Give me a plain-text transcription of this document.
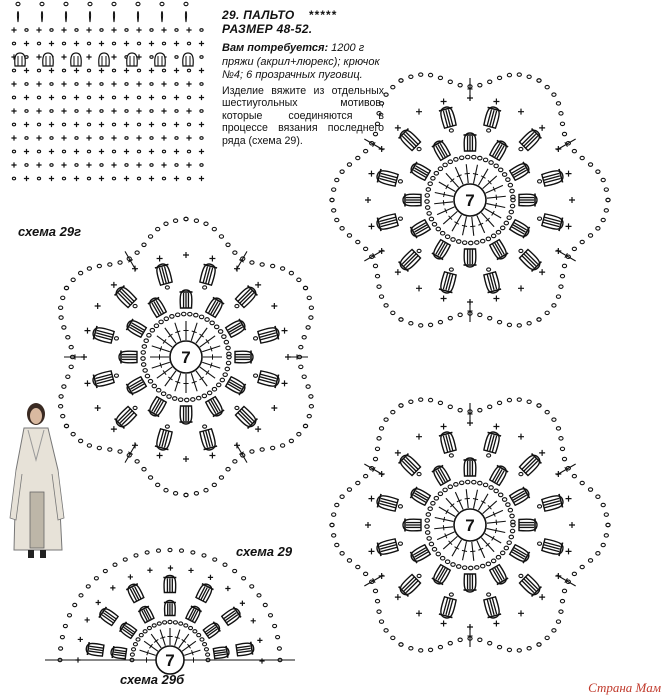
7
7
7
7
29. ПАЛЬТО *****
РАЗМЕР 48-52.
Вам потребуется: 1200 г пряжи (акрил+люрекс); крючок №4; 6 прозрачных пуговиц.
Изделие вяжите из отдельных шестиугольных мотивов, которые соединяются в процессе вязания последнего ряда (схема 29).
схема 29г
схема 29
схема 29б
Страна Мам
